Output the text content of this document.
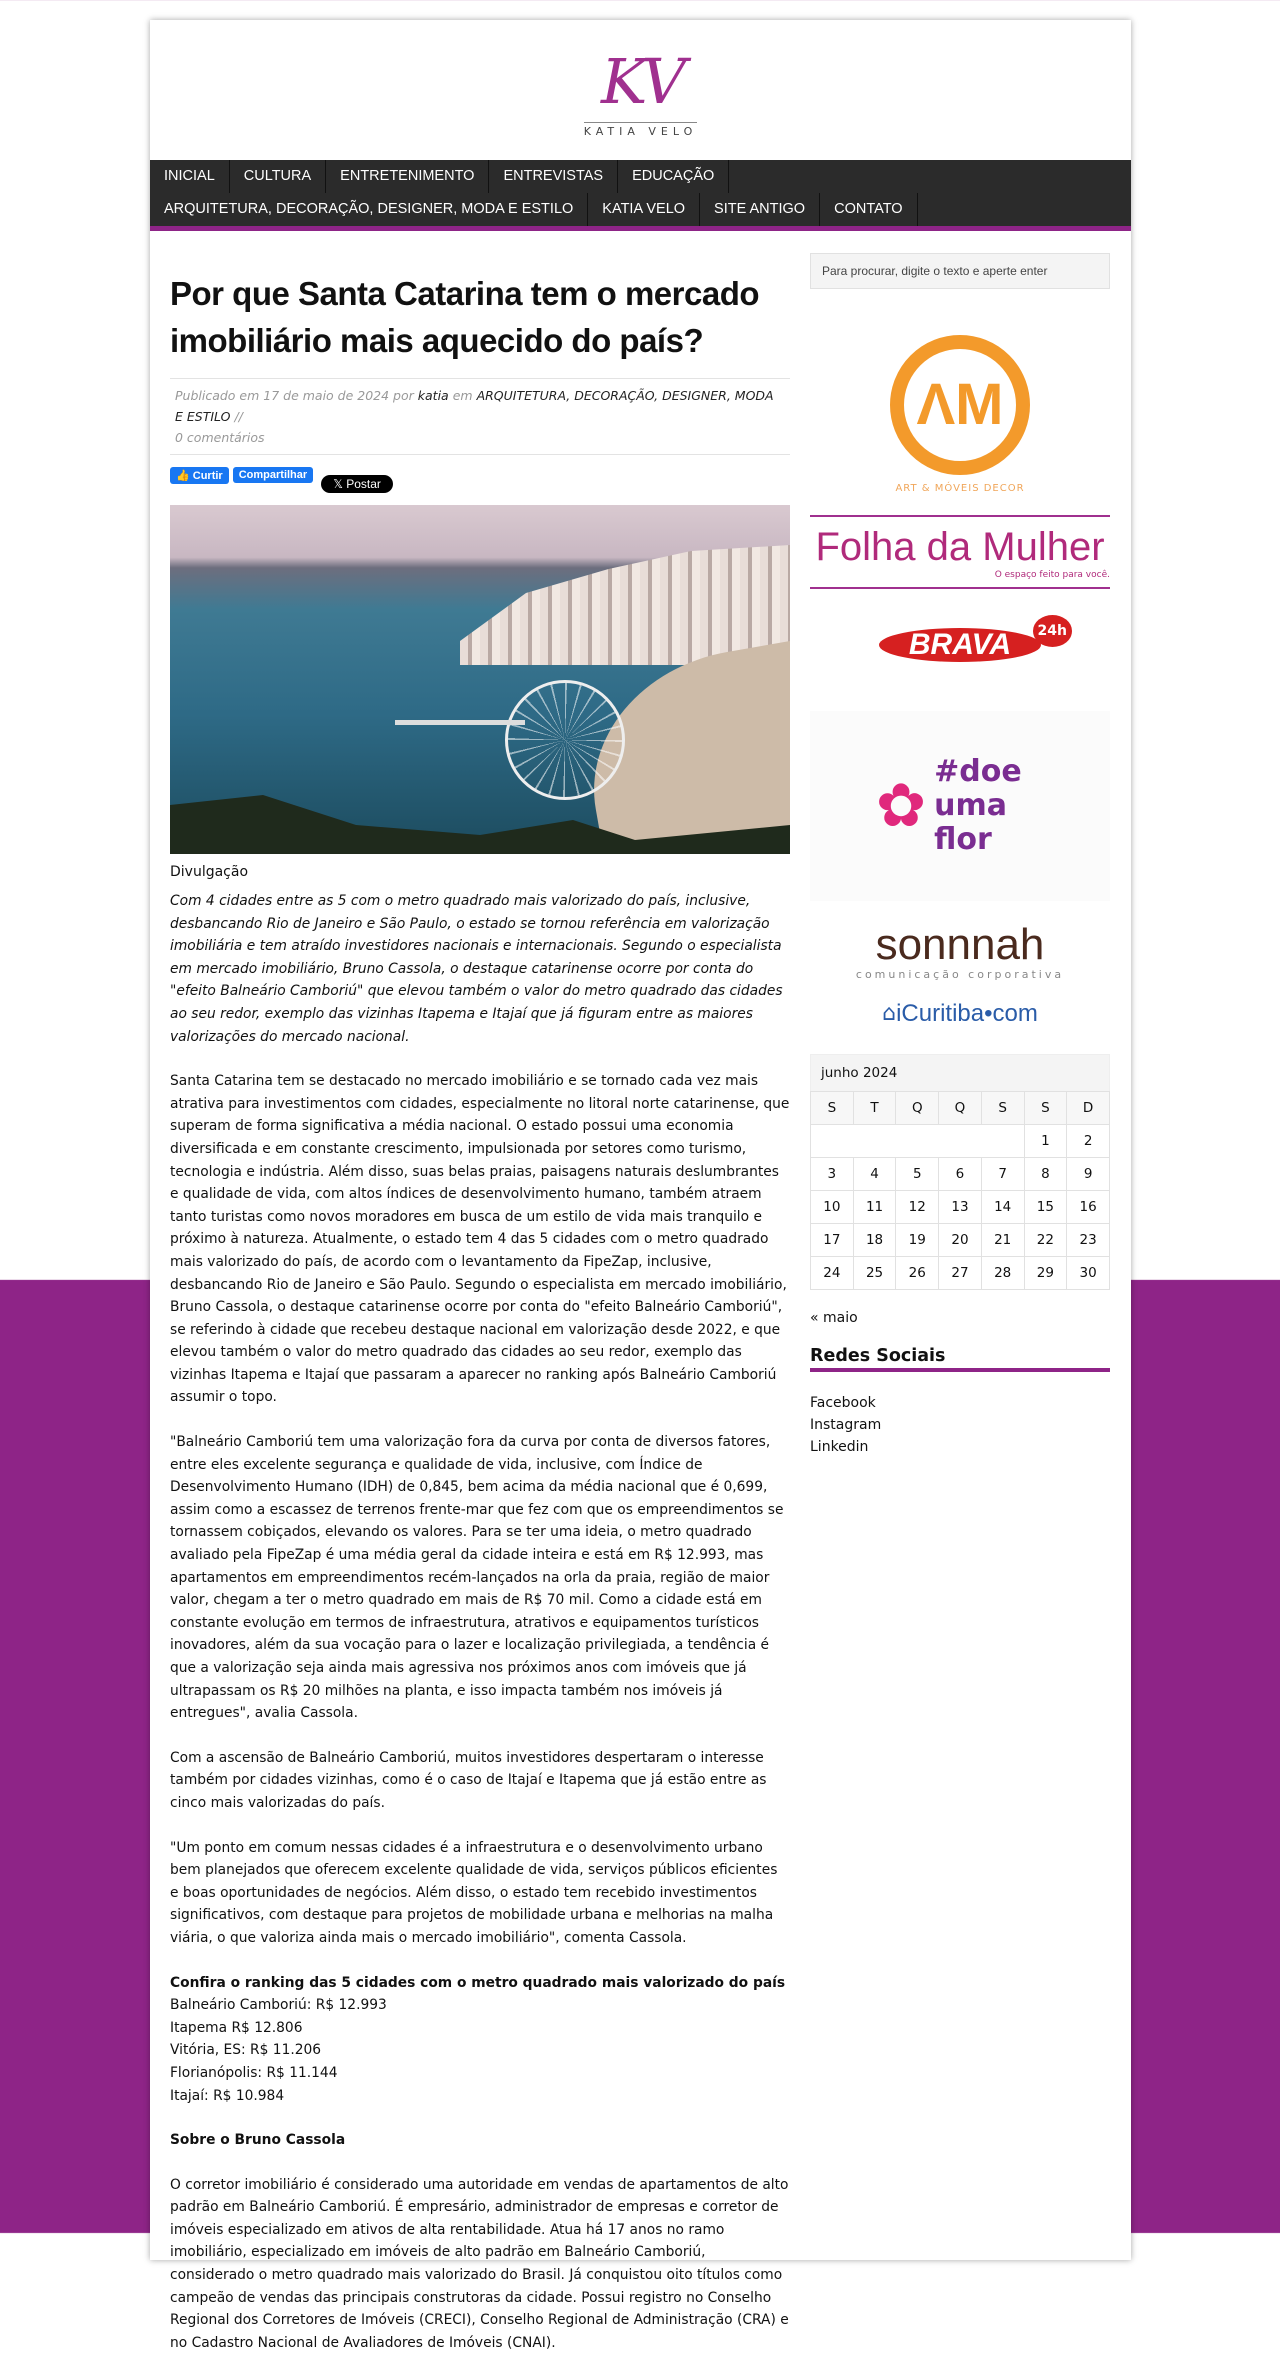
KV
KATIA VELO
INICIAL	CULTURA	ENTRETENIMENTO	ENTREVISTAS	EDUCAÇÃO
ARQUITETURA, DECORAÇÃO, DESIGNER, MODA E ESTILO	KATIA VELO	SITE ANTIGO	CONTATO
Por que Santa Catarina tem o mercado imobiliário mais aquecido do país?
Publicado em 17 de maio de 2024 por katia em ARQUITETURA, DECORAÇÃO, DESIGNER, MODA E ESTILO //
0 comentários
👍 Curtir	Compartilhar
𝕏 Postar
Divulgação

Com 4 cidades entre as 5 com o metro quadrado mais valorizado do país, inclusive, desbancando Rio de Janeiro e São Paulo, o estado se tornou referência em valorização imobiliária e tem atraído investidores nacionais e internacionais. Segundo o especialista em mercado imobiliário, Bruno Cassola, o destaque catarinense ocorre por conta do "efeito Balneário Camboriú" que elevou também o valor do metro quadrado das cidades ao seu redor, exemplo das vizinhas Itapema e Itajaí que já figuram entre as maiores valorizações do mercado nacional.

Santa Catarina tem se destacado no mercado imobiliário e se tornado cada vez mais atrativa para investimentos com cidades, especialmente no litoral norte catarinense, que superam de forma significativa a média nacional. O estado possui uma economia diversificada e em constante crescimento, impulsionada por setores como turismo, tecnologia e indústria. Além disso, suas belas praias, paisagens naturais deslumbrantes e qualidade de vida, com altos índices de desenvolvimento humano, também atraem tanto turistas como novos moradores em busca de um estilo de vida mais tranquilo e próximo à natureza. Atualmente, o estado tem 4 das 5 cidades com o metro quadrado mais valorizado do país, de acordo com o levantamento da FipeZap, inclusive, desbancando Rio de Janeiro e São Paulo. Segundo o especialista em mercado imobiliário, Bruno Cassola, o destaque catarinense ocorre por conta do "efeito Balneário Camboriú", se referindo à cidade que recebeu destaque nacional em valorização desde 2022, e que elevou também o valor do metro quadrado das cidades ao seu redor, exemplo das vizinhas Itapema e Itajaí que passaram a aparecer no ranking após Balneário Camboriú assumir o topo.

"Balneário Camboriú tem uma valorização fora da curva por conta de diversos fatores, entre eles excelente segurança e qualidade de vida, inclusive, com Índice de Desenvolvimento Humano (IDH) de 0,845, bem acima da média nacional que é 0,699, assim como a escassez de terrenos frente-mar que fez com que os empreendimentos se tornassem cobiçados, elevando os valores. Para se ter uma ideia, o metro quadrado avaliado pela FipeZap é uma média geral da cidade inteira e está em R$ 12.993, mas apartamentos em empreendimentos recém-lançados na orla da praia, região de maior valor, chegam a ter o metro quadrado em mais de R$ 70 mil. Como a cidade está em constante evolução em termos de infraestrutura, atrativos e equipamentos turísticos inovadores, além da sua vocação para o lazer e localização privilegiada, a tendência é que a valorização seja ainda mais agressiva nos próximos anos com imóveis que já ultrapassam os R$ 20 milhões na planta, e isso impacta também nos imóveis já entregues", avalia Cassola.

Com a ascensão de Balneário Camboriú, muitos investidores despertaram o interesse também por cidades vizinhas, como é o caso de Itajaí e Itapema que já estão entre as cinco mais valorizadas do país.

"Um ponto em comum nessas cidades é a infraestrutura e o desenvolvimento urbano bem planejados que oferecem excelente qualidade de vida, serviços públicos eficientes e boas oportunidades de negócios. Além disso, o estado tem recebido investimentos significativos, com destaque para projetos de mobilidade urbana e melhorias na malha viária, o que valoriza ainda mais o mercado imobiliário", comenta Cassola.

Confira o ranking das 5 cidades com o metro quadrado mais valorizado do país
Balneário Camboriú: R$ 12.993
Itapema R$ 12.806
Vitória, ES: R$ 11.206
Florianópolis: R$ 11.144
Itajaí: R$ 10.984

Sobre o Bruno Cassola

O corretor imobiliário é considerado uma autoridade em vendas de apartamentos de alto padrão em Balneário Camboriú. É empresário, administrador de empresas e corretor de imóveis especializado em ativos de alta rentabilidade. Atua há 17 anos no ramo imobiliário, especializado em imóveis de alto padrão em Balneário Camboriú, considerado o metro quadrado mais valorizado do Brasil. Já conquistou oito títulos como campeão de vendas das principais construtoras da cidade. Possui registro no Conselho Regional dos Corretores de Imóveis (CRECI), Conselho Regional de Administração (CRA) e no Cadastro Nacional de Avaliadores de Imóveis (CNAI).

Para procurar, digite o texto e aperte enter
ΛM
ART & MÓVEIS DECOR
Folha da Mulher
O espaço feito para você.
BRAVA	24h
✿ #doe uma flor
sonnnah
comunicação corporativa
⌂ iCuritiba•com
junho 2024
S	T	Q	Q	S	S	D
					1	2
3	4	5	6	7	8	9
10	11	12	13	14	15	16
17	18	19	20	21	22	23
24	25	26	27	28	29	30
« maio
Redes Sociais
Facebook
Instagram
Linkedin
